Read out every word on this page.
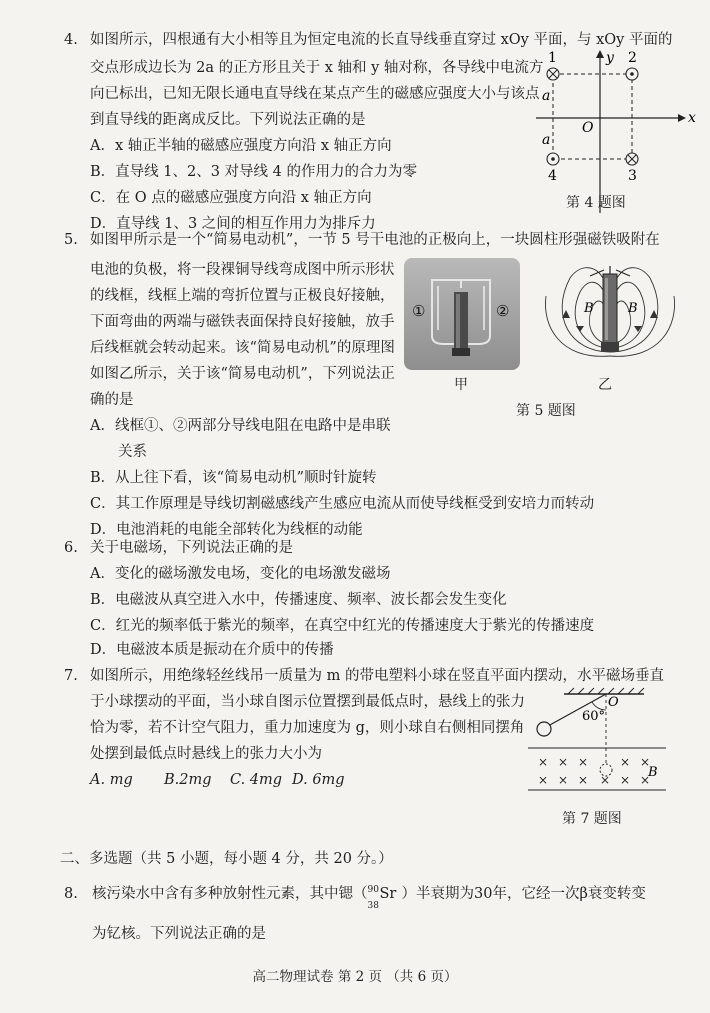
4. 如图所示，四根通有大小相等且为恒定电流的长直导线垂直穿过 xOy 平面，与 xOy 平面的
交点形成边长为 2a 的正方形且关于 x 轴和 y 轴对称，各导线中电流方
向已标出，已知无限长通电直导线在某点产生的磁感应强度大小与该点
到直导线的距离成反比。下列说法正确的是
A．x 轴正半轴的磁感应强度方向沿 x 轴正方向
B．直导线 1、2、3 对导线 4 的作用力的合力为零
C．在 O 点的磁感应强度方向沿 x 轴正方向
D．直导线 1、3 之间的相互作用力为排斥力
x
y
O
a
a
1	2
3
4
第 4 题图
5. 如图甲所示是一个“简易电动机”，一节 5 号干电池的正极向上，一块圆柱形强磁铁吸附在
电池的负极，将一段裸铜导线弯成图中所示形状
的线框，线框上端的弯折位置与正极良好接触，
下面弯曲的两端与磁铁表面保持良好接触，放手
后线框就会转动起来。该“简易电动机”的原理图
如图乙所示，关于该“简易电动机”，下列说法正
确的是
A．线框①、②两部分导线电阻在电路中是串联
关系
B．从上往下看，该“简易电动机”顺时针旋转
C．其工作原理是导线切割磁感线产生感应电流从而使导线框受到安培力而转动
D．电池消耗的电能全部转化为线框的动能
①	②
甲
B	B
乙
第 5 题图
6. 关于电磁场，下列说法正确的是
A．变化的磁场激发电场，变化的电场激发磁场
B．电磁波从真空进入水中，传播速度、频率、波长都会发生变化
C．红光的频率低于紫光的频率，在真空中红光的传播速度大于紫光的传播速度
D．电磁波本质是振动在介质中的传播
7. 如图所示，用绝缘轻丝线吊一质量为 m 的带电塑料小球在竖直平面内摆动，水平磁场垂直
于小球摆动的平面，当小球自图示位置摆到最低点时，悬线上的张力
恰为零，若不计空气阻力，重力加速度为 g，则小球自右侧相同摆角
处摆到最低点时悬线上的张力大小为
A. mg B.2mg C. 4mg D. 6mg
O
60°
× × ×	× ×
× × × × × ×
B
第 7 题图
二、多选题（共 5 小题，每小题 4 分，共 20 分。）
8. 核污染水中含有多种放射性元素，其中锶（ 90
38
Sr ）半衰期为30年，它经一次β衰变转变
为钇核。下列说法正确的是
高二物理试卷 第 2 页 （共 6 页）
